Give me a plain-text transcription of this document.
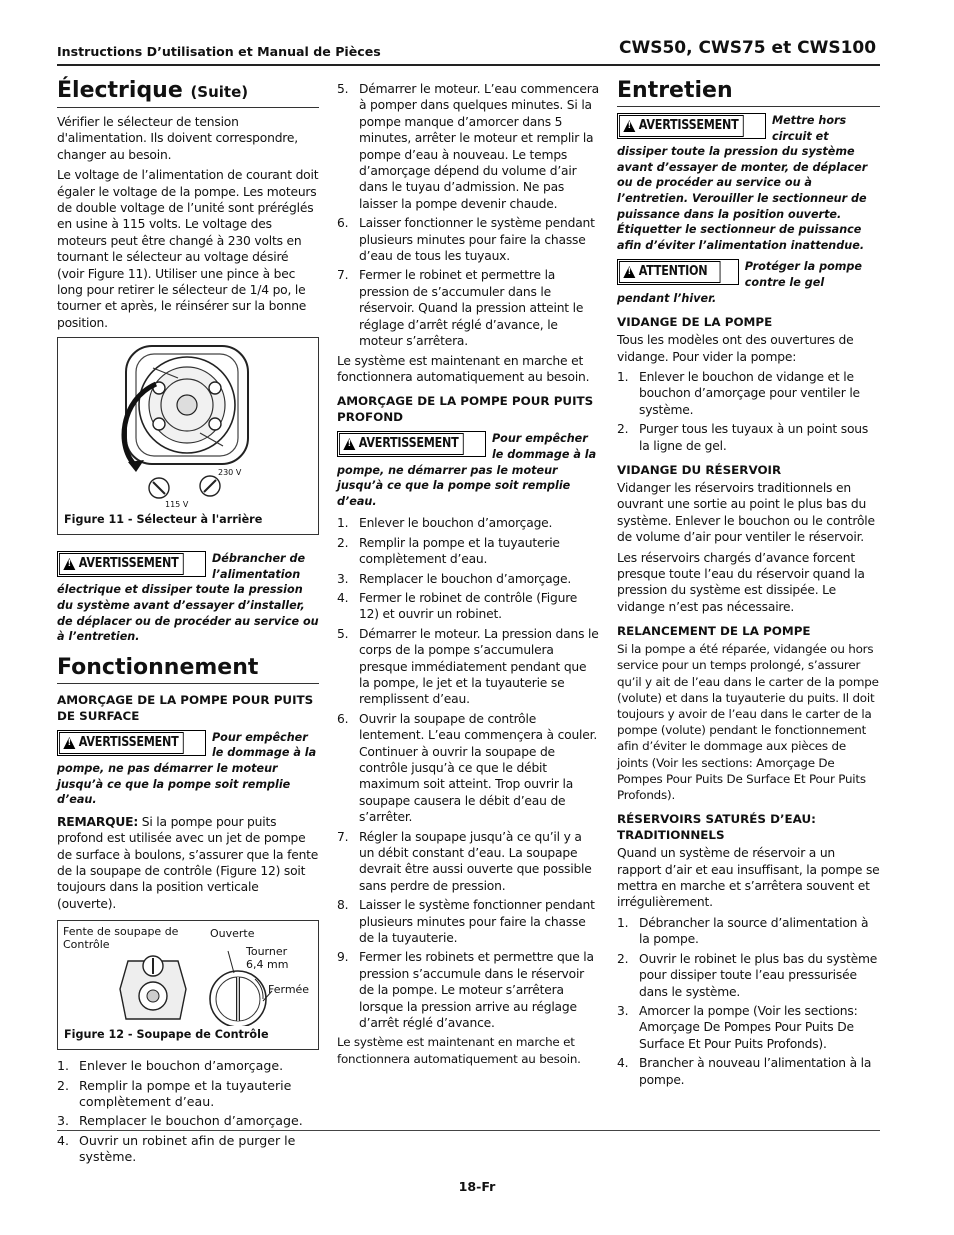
Instructions D’utilisation et Manual de Pièces	CWS50, CWS75 et CWS100
Électrique (Suite)

Vérifier le sélecteur de tension d'alimentation. Ils doivent correspondre, changer au besoin.

Le voltage de l’alimentation de courant doit égaler le voltage de la pompe. Les moteurs de double voltage de l’unité sont préréglés en usine à 115 volts. Le voltage des moteurs peut être changé à 230 volts en tournant le sélecteur au voltage désiré (voir Figure 11). Utiliser une pince à bec long pour retirer le sélecteur de 1/4 po, le tourner et après, le réinsérer sur la bonne position.

230 V
115 V
Figure 11 - Sélecteur à l'arrière
!
AVERTISSEMENT	Débrancher de l’alimentation électrique et dissiper toute la pression du système avant d’essayer d’installer, de déplacer ou de procéder au service ou à l’entretien.
Fonctionnement
AMORÇAGE DE LA POMPE POUR PUITS DE SURFACE
!
AVERTISSEMENT	Pour empêcher le dommage à la pompe, ne pas démarrer le moteur jusqu’à ce que la pompe soit remplie d’eau.

REMARQUE: Si la pompe pour puits profond est utilisée avec un jet de pompe de surface à boulons, s’assurer que la fente de la soupape de contrôle (Figure 12) soit toujours dans la position verticale (ouverte).

Fente de soupape de Contrôle
Ouverte
Tourner 6,4 mm
Fermée
Figure 12 - Soupape de Contrôle
1. Enlever le bouchon d’amorçage.
2. Remplir la pompe et la tuyauterie complètement d’eau.
3. Remplacer le bouchon d’amorçage.
4. Ouvrir un robinet afin de purger le système.
5. Démarrer le moteur. L’eau commencera à pomper dans quelques minutes. Si la pompe manque d’amorcer dans 5 minutes, arrêter le moteur et remplir la pompe d’eau à nouveau. Le temps d’amorçage dépend du volume d’air dans le tuyau d’admission. Ne pas laisser la pompe devenir chaude.
6. Laisser fonctionner le système pendant plusieurs minutes pour faire la chasse d’eau de tous les tuyaux.
7. Fermer le robinet et permettre la pression de s’accumuler dans le réservoir. Quand la pression atteint le réglage d’arrêt réglé d’avance, le moteur s’arrêtera.

Le système est maintenant en marche et fonctionnera automatiquement au besoin.

AMORÇAGE DE LA POMPE POUR PUITS PROFOND
!
AVERTISSEMENT	Pour empêcher le dommage à la pompe, ne démarrer pas le moteur jusqu’à ce que la pompe soit remplie d’eau.
1. Enlever le bouchon d’amorçage.
2. Remplir la pompe et la tuyauterie complètement d’eau.
3. Remplacer le bouchon d’amorçage.
4. Fermer le robinet de contrôle (Figure 12) et ouvrir un robinet.
5. Démarrer le moteur. La pression dans le corps de la pompe s’accumulera presque immédiatement pendant que la pompe, le jet et la tuyauterie se remplissent d’eau.
6. Ouvrir la soupape de contrôle lentement. L’eau commençera à couler. Continuer à ouvrir la soupape de contrôle jusqu’à ce que le débit maximum soit atteint. Trop ouvrir la soupape causera le débit d’eau de s’arrêter.
7. Régler la soupape jusqu’à ce qu’il y a un débit constant d’eau. La soupape devrait être aussi ouverte que possible sans perdre de pression.
8. Laisser le système fonctionner pendant plusieurs minutes pour faire la chasse de la tuyauterie.
9. Fermer les robinets et permettre que la pression s’accumule dans le réservoir de la pompe. Le moteur s’arrêtera lorsque la pression arrive au réglage d’arrêt réglé d’avance.

Le système est maintenant en marche et fonctionnera automatiquement au besoin.

Entretien
!
AVERTISSEMENT	Mettre hors circuit et dissiper toute la pression du système avant d’essayer de monter, de déplacer ou de procéder au service ou à l’entretien. Verouiller le sectionneur de puissance dans la position ouverte. Étiquetter le sectionneur de puissance afin d’éviter l’alimentation inattendue.
!
ATTENTION	Protéger la pompe contre le gel pendant l’hiver.
VIDANGE DE LA POMPE

Tous les modèles ont des ouvertures de vidange. Pour vider la pompe:

1. Enlever le bouchon de vidange et le bouchon d’amorçage pour ventiler le système.
2. Purger tous les tuyaux à un point sous la ligne de gel.
VIDANGE DU RÉSERVOIR

Vidanger les réservoirs traditionnels en ouvrant une sortie au point le plus bas du système. Enlever le bouchon ou le contrôle de volume d’air pour ventiler le réservoir.

Les réservoirs chargés d’avance forcent presque toute l’eau du réservoir quand la pression du système est dissipée. Le vidange n’est pas nécessaire.

RELANCEMENT DE LA POMPE

Si la pompe a été réparée, vidangée ou hors service pour un temps prolongé, s’assurer qu’il y ait de l’eau dans le carter de la pompe (volute) et dans la tuyauterie du puits. Il doit toujours y avoir de l’eau dans le carter de la pompe (volute) pendant le fonctionnement afin d’éviter le dommage aux pièces de joints (Voir les sections: Amorçage De Pompes Pour Puits De Surface Et Pour Puits Profonds).

RÉSERVOIRS SATURÉS D’EAU: TRADITIONNELS

Quand un système de réservoir a un rapport d’air et eau insuffisant, la pompe se mettra en marche et s’arrêtera souvent et irrégulièrement.

1. Débrancher la source d’alimentation à la pompe.
2. Ouvrir le robinet le plus bas du système pour dissiper toute l’eau pressurisée dans le système.
3. Amorcer la pompe (Voir les sections: Amorçage De Pompes Pour Puits De Surface Et Pour Puits Profonds).
4. Brancher à nouveau l’alimentation à la pompe.
18-Fr
